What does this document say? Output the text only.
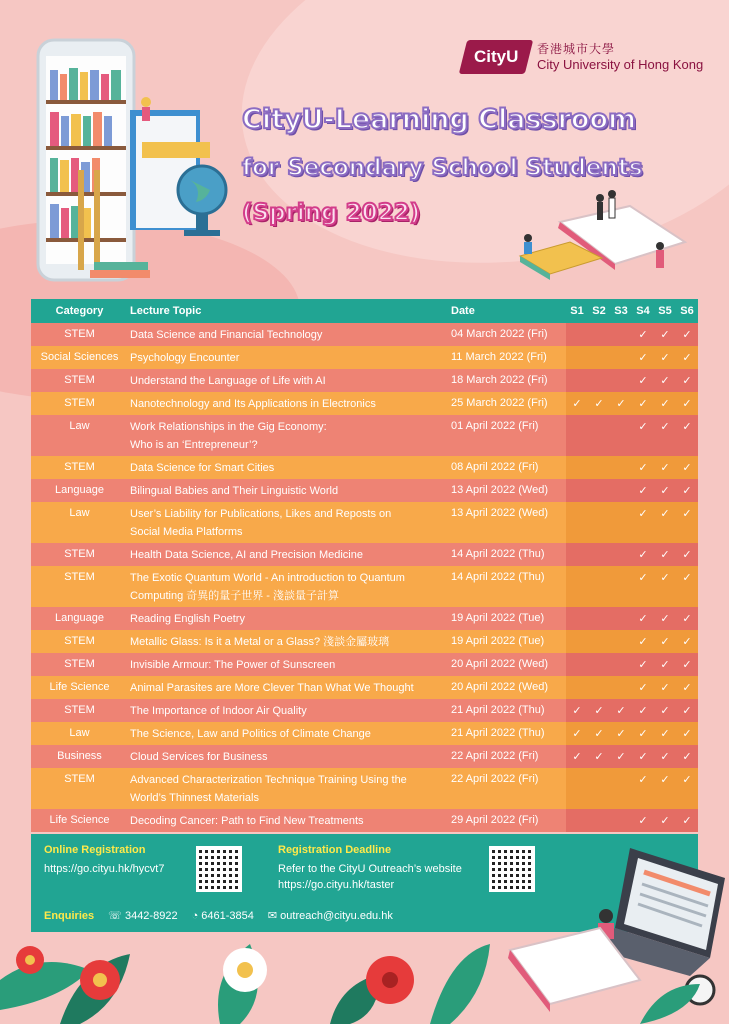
CityU 香港城市大學
City University of Hong Kong
CityU-Learning Classroom
for Secondary School Students
(Spring 2022)
Category	Lecture Topic	Date	S1	S2	S3	S4	S5	S6
STEM	Data Science and Financial Technology	04 March 2022 (Fri)				✓	✓	✓
Social Sciences	Psychology Encounter	11 March 2022 (Fri)				✓	✓	✓
STEM	Understand the Language of Life with AI	18 March 2022 (Fri)				✓	✓	✓
STEM	Nanotechnology and Its Applications in Electronics	25 March 2022 (Fri)	✓	✓	✓	✓	✓	✓
Law	Work Relationships in the Gig Economy:
Who is an ‘Entrepreneur’?	01 April 2022 (Fri)				✓	✓	✓
STEM	Data Science for Smart Cities	08 April 2022 (Fri)				✓	✓	✓
Language	Bilingual Babies and Their Linguistic World	13 April 2022 (Wed)				✓	✓	✓
Law	User’s Liability for Publications, Likes and Reposts on
Social Media Platforms	13 April 2022 (Wed)				✓	✓	✓
STEM	Health Data Science, AI and Precision Medicine	14 April 2022 (Thu)				✓	✓	✓
STEM	The Exotic Quantum World - An introduction to Quantum
Computing 奇異的量子世界 - 淺談量子計算	14 April 2022 (Thu)				✓	✓	✓
Language	Reading English Poetry	19 April 2022 (Tue)				✓	✓	✓
STEM	Metallic Glass: Is it a Metal or a Glass? 淺談金屬玻璃	19 April 2022 (Tue)				✓	✓	✓
STEM	Invisible Armour: The Power of Sunscreen	20 April 2022 (Wed)				✓	✓	✓
Life Science	Animal Parasites are More Clever Than What We Thought	20 April 2022 (Wed)				✓	✓	✓
STEM	The Importance of Indoor Air Quality	21 April 2022 (Thu)	✓	✓	✓	✓	✓	✓
Law	The Science, Law and Politics of Climate Change	21 April 2022 (Thu)	✓	✓	✓	✓	✓	✓
Business	Cloud Services for Business	22 April 2022 (Fri)	✓	✓	✓	✓	✓	✓
STEM	Advanced Characterization Technique Training Using the
World’s Thinnest Materials	22 April 2022 (Fri)				✓	✓	✓
Life Science	Decoding Cancer: Path to Find New Treatments	29 April 2022 (Fri)				✓	✓	✓
Online Registration
https://go.cityu.hk/hycvt7
Registration Deadline
Refer to the CityU Outreach’s website
https://go.cityu.hk/taster
Enquiries ☏ 3442-8922 ◔ 6461-3854 ✉ outreach@cityu.edu.hk
